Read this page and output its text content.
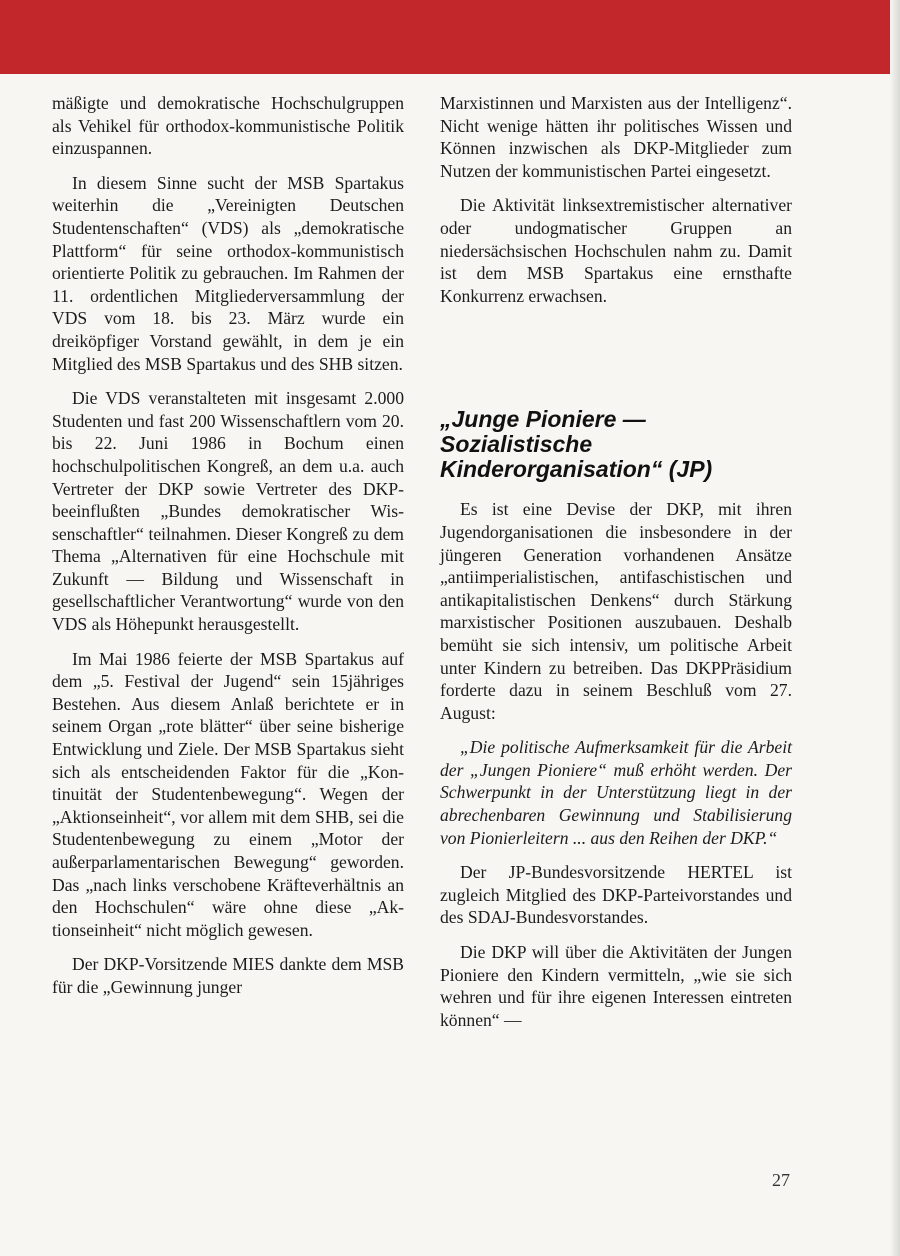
mäßigte und demokratische Hochschulgruppen als Vehikel für orthodox-kommunistische Politik einzuspannen.

In diesem Sinne sucht der MSB Spartakus weiterhin die „Vereinigten Deutschen Studentenschaften“ (VDS) als „demokratische Plattform“ für seine orthodox-kommunistisch orientierte Politik zu gebrauchen. Im Rahmen der 11. ordentlichen Mitgliederversammlung der VDS vom 18. bis 23. März wurde ein dreiköpfiger Vorstand gewählt, in dem je ein Mitglied des MSB Spartakus und des SHB sitzen.

Die VDS veranstalteten mit insgesamt 2.000 Studenten und fast 200 Wissenschaftlern vom 20. bis 22. Juni 1986 in Bochum einen hochschulpolitischen Kongreß, an dem u.a. auch Vertreter der DKP sowie Vertreter des DKP-beeinflußten „Bundes demokratischer Wissenschaftler“ teilnahmen. Dieser Kongreß zu dem Thema „Alternativen für eine Hochschule mit Zukunft — Bildung und Wissenschaft in gesellschaftlicher Verantwortung“ wurde von den VDS als Höhepunkt herausgestellt.

Im Mai 1986 feierte der MSB Spartakus auf dem „5. Festival der Jugend“ sein 15jähriges Bestehen. Aus diesem Anlaß berichtete er in seinem Organ „rote blätter“ über seine bisherige Entwicklung und Ziele. Der MSB Spartakus sieht sich als entscheidenden Faktor für die „Kontinuität der Studentenbewegung“. Wegen der „Aktionseinheit“, vor allem mit dem SHB, sei die Studentenbewegung zu einem „Motor der außerparlamentarischen Bewegung“ geworden. Das „nach links verschobene Kräfteverhältnis an den Hochschulen“ wäre ohne diese „Aktionseinheit“ nicht möglich gewesen.

Der DKP-Vorsitzende MIES dankte dem MSB für die „Gewinnung junger

Marxistinnen und Marxisten aus der Intelligenz“. Nicht wenige hätten ihr politisches Wissen und Können inzwischen als DKP-Mitglieder zum Nutzen der kommunistischen Partei eingesetzt.

Die Aktivität linksextremistischer alternativer oder undogmatischer Gruppen an niedersächsischen Hochschulen nahm zu. Damit ist dem MSB Spartakus eine ernsthafte Konkurrenz erwachsen.

„Junge Pioniere — Sozialistische Kinderorganisation“ (JP)

Es ist eine Devise der DKP, mit ihren Jugendorganisationen die insbesondere in der jüngeren Generation vorhandenen Ansätze „antiimperialistischen, antifaschistischen und antikapitalistischen Denkens“ durch Stärkung marxistischer Positionen auszubauen. Deshalb bemüht sie sich intensiv, um politische Arbeit unter Kindern zu betreiben. Das DKPPräsidium forderte dazu in seinem Beschluß vom 27. August:

„Die politische Aufmerksamkeit für die Arbeit der „Jungen Pioniere“ muß erhöht werden. Der Schwerpunkt in der Unterstützung liegt in der abrechenbaren Gewinnung und Stabilisierung von Pionierleitern ... aus den Reihen der DKP.“

Der JP-Bundesvorsitzende HERTEL ist zugleich Mitglied des DKP-Parteivorstandes und des SDAJ-Bundesvorstandes.

Die DKP will über die Aktivitäten der Jungen Pioniere den Kindern vermitteln, „wie sie sich wehren und für ihre eigenen Interessen eintreten können“ —

27
